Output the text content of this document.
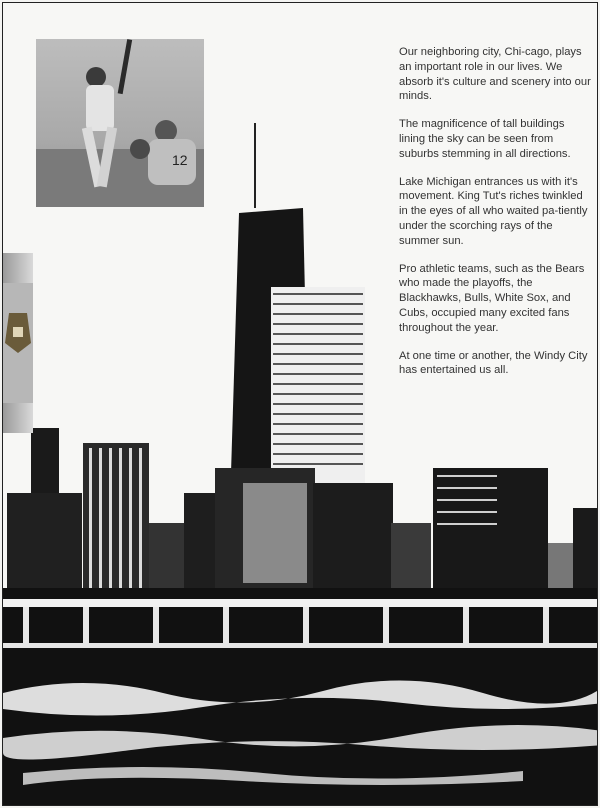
12

Our neighboring city, Chi-cago, plays an important role in our lives. We absorb it's culture and scenery into our minds.

The magnificence of tall buildings lining the sky can be seen from suburbs stemming in all directions.

Lake Michigan entrances us with it's movement. King Tut's riches twinkled in the eyes of all who waited pa-tiently under the scorching rays of the summer sun.

Pro athletic teams, such as the Bears who made the playoffs, the Blackhawks, Bulls, White Sox, and Cubs, occupied many excited fans throughout the year.

At one time or another, the Windy City has entertained us all.
